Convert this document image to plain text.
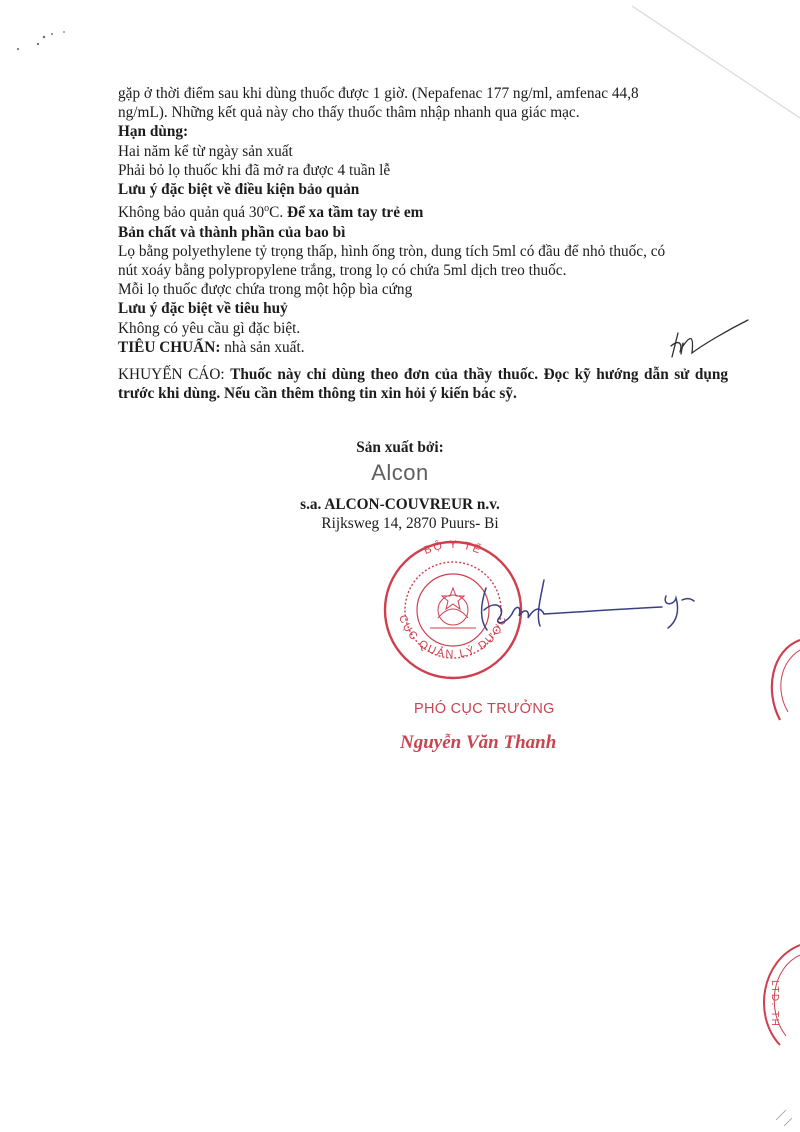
gặp ở thời điểm sau khi dùng thuốc được 1 giờ. (Nepafenac 177 ng/ml, amfenac 44,8

ng/mL). Những kết quả này cho thấy thuốc thâm nhập nhanh qua giác mạc.

Hạn dùng:

Hai năm kể từ ngày sản xuất

Phải bỏ lọ thuốc khi đã mở ra được 4 tuần lễ

Lưu ý đặc biệt về điều kiện bảo quản

Không bảo quản quá 30$^o$C. Để xa tầm tay trẻ em

Bản chất và thành phần của bao bì

Lọ bằng polyethylene tỷ trọng thấp, hình ống tròn, dung tích 5ml có đầu để nhỏ thuốc, có

nút xoáy bằng polypropylene trắng, trong lọ có chứa 5ml dịch treo thuốc.

Mỗi lọ thuốc được chứa trong một hộp bìa cứng

Lưu ý đặc biệt về tiêu huỷ

Không có yêu cầu gì đặc biệt.

TIÊU CHUẨN: nhà sản xuất.

KHUYẾN CÁO: Thuốc này chỉ dùng theo đơn của thầy thuốc. Đọc kỹ hướng dẫn sử dụng trước khi dùng. Nếu cần thêm thông tin xin hỏi ý kiến bác sỹ.

Sản xuất bởi:

Alcon

s.a. ALCON-COUVREUR n.v.

Rijksweg 14, 2870 Puurs- Bi

PHÓ CỤC TRƯỞNG
BỘ Y TẾ
CỤC QUẢN LÝ DƯỢC
LTD. TH
Nguyễn Văn Thanh
